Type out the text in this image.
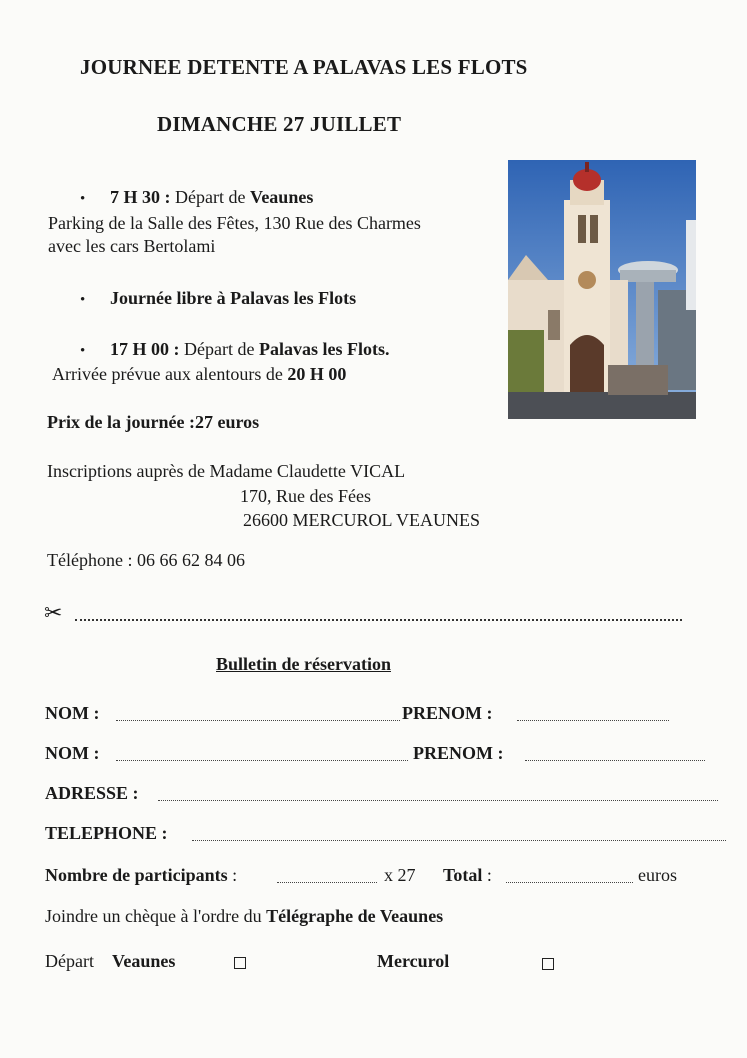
JOURNEE DETENTE A PALAVAS LES FLOTS
DIMANCHE 27 JUILLET
• 7 H 30 : Départ de Veaunes
Parking de la Salle des Fêtes, 130 Rue des Charmes
avec les cars Bertolami
• Journée libre à Palavas les Flots
• 17 H 00 : Départ de Palavas les Flots.
Arrivée prévue aux alentours de 20 H 00
Prix de la journée :27 euros
Inscriptions auprès de Madame Claudette VICAL
170, Rue des Fées
26600 MERCUROL VEAUNES
Téléphone : 06 66 62 84 06
✂
Bulletin de réservation
NOM :	PRENOM :
NOM :	PRENOM :
ADRESSE :
TELEPHONE :
Nombre de participants :	x 27 Total :	euros
Joindre un chèque à l'ordre du Télégraphe de Veaunes
Départ Veaunes	Mercurol
